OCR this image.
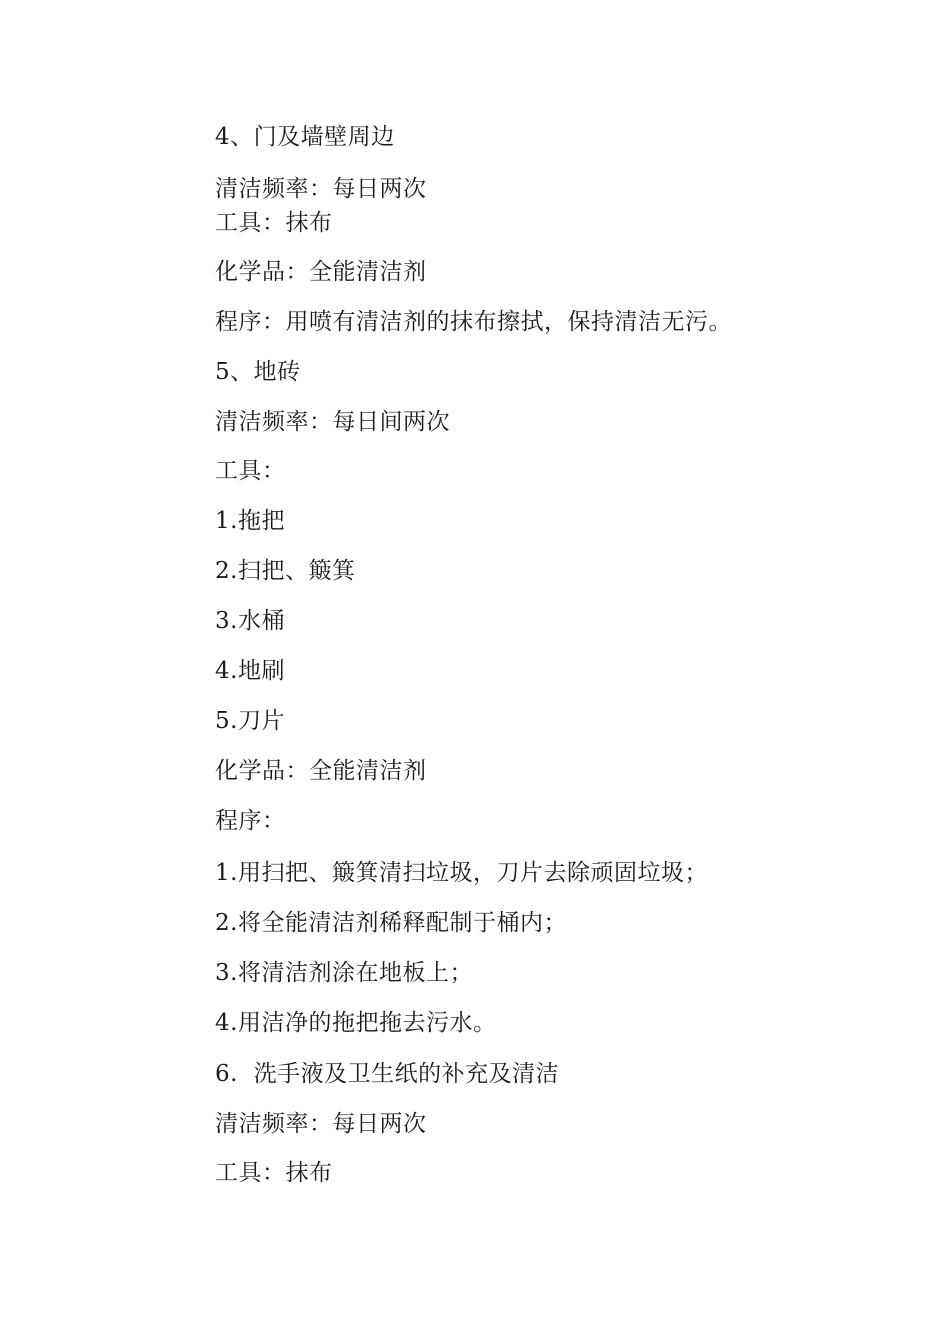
4、门及墙壁周边
清洁频率：每日两次
工具：抹布
化学品：全能清洁剂
程序：用喷有清洁剂的抹布擦拭，保持清洁无污。
5、地砖
清洁频率：每日间两次
工具：
1.拖把
2.扫把、簸箕
3.水桶
4.地刷
5.刀片
化学品：全能清洁剂
程序：
1.用扫把、簸箕清扫垃圾，刀片去除顽固垃圾；
2.将全能清洁剂稀释配制于桶内；
3.将清洁剂涂在地板上；
4.用洁净的拖把拖去污水。
6.  洗手液及卫生纸的补充及清洁
清洁频率：每日两次
工具：抹布
